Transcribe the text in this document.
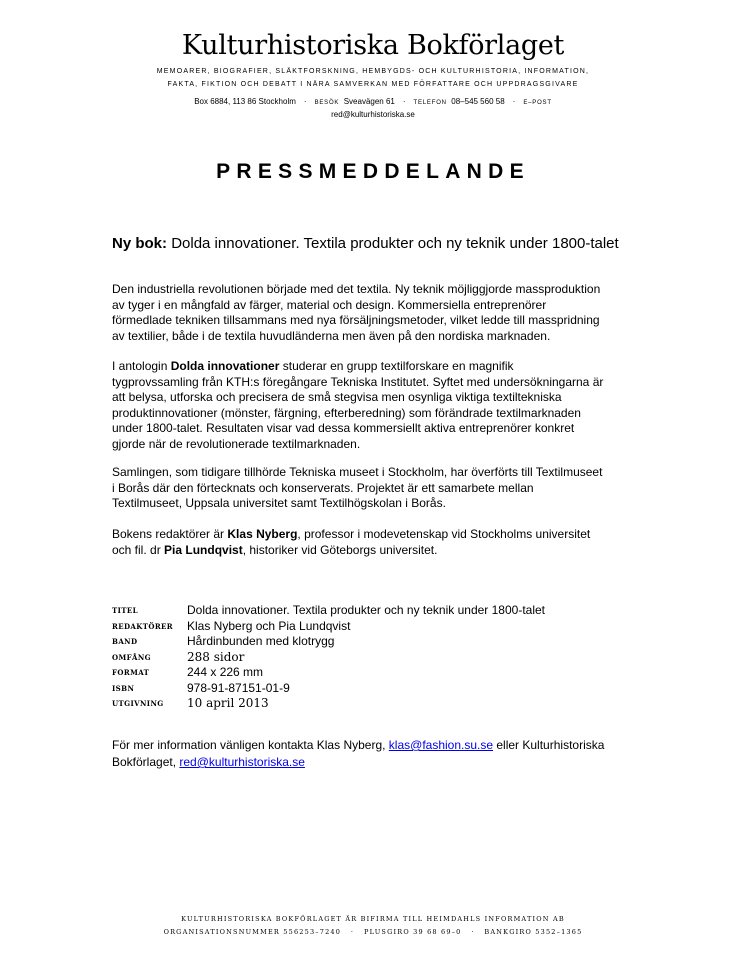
Kulturhistoriska Bokförlaget
MEMOARER, BIOGRAFIER, SLÄKTFORSKNING, HEMBYGDS- OCH KULTURHISTORIA, INFORMATION,
FAKTA, FIKTION OCH DEBATT I NÄRA SAMVERKAN MED FÖRFATTARE OCH UPPDRAGSGIVARE
Box 6884, 113 86 Stockholm · BESÖK Sveavägen 61 · TELEFON 08–545 560 58 · E–POST
red@kulturhistoriska.se
PRESSMEDDELANDE
Ny bok: Dolda innovationer. Textila produkter och ny teknik under 1800-talet
Den industriella revolutionen började med det textila. Ny teknik möjliggjorde massproduktion
av tyger i en mångfald av färger, material och design. Kommersiella entreprenörer
förmedlade tekniken tillsammans med nya försäljningsmetoder, vilket ledde till masspridning
av textilier, både i de textila huvudländerna men även på den nordiska marknaden.
I antologin Dolda innovationer studerar en grupp textilforskare en magnifik
tygprovssamling från KTH:s föregångare Tekniska Institutet. Syftet med undersökningarna är
att belysa, utforska och precisera de små stegvisa men osynliga viktiga textiltekniska
produktinnovationer (mönster, färgning, efterberedning) som förändrade textilmarknaden
under 1800-talet. Resultaten visar vad dessa kommersiellt aktiva entreprenörer konkret
gjorde när de revolutionerade textilmarknaden.
Samlingen, som tidigare tillhörde Tekniska museet i Stockholm, har överförts till Textilmuseet
i Borås där den förtecknats och konserverats. Projektet är ett samarbete mellan
Textilmuseet, Uppsala universitet samt Textilhögskolan i Borås.
Bokens redaktörer är Klas Nyberg, professor i modevetenskap vid Stockholms universitet
och fil. dr Pia Lundqvist, historiker vid Göteborgs universitet.
TITEL	Dolda innovationer. Textila produkter och ny teknik under 1800-talet
REDAKTÖRER Klas Nyberg och Pia Lundqvist
BAND	Hårdinbunden med klotrygg
OMFÅNG	288 sidor
FORMAT	244 x 226 mm
ISBN	978-91-87151-01-9
UTGIVNING 10 april 2013
För mer information vänligen kontakta Klas Nyberg, klas@fashion.su.se eller Kulturhistoriska
Bokförlaget, red@kulturhistoriska.se
KULTURHISTORISKA BOKFÖRLAGET ÄR BIFIRMA TILL HEIMDAHLS INFORMATION AB
ORGANISATIONSNUMMER 556253–7240 · PLUSGIRO 39 68 69–0 · BANKGIRO 5352–1365
